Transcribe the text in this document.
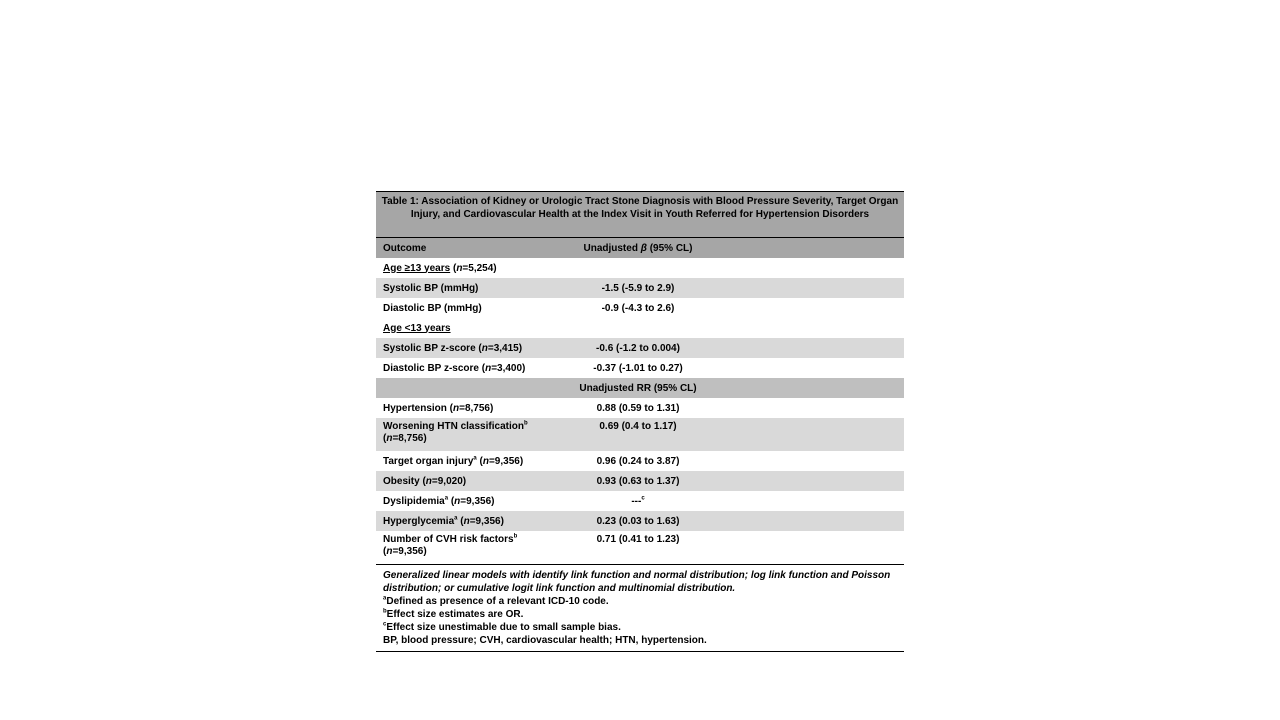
Table 1: Association of Kidney or Urologic Tract Stone Diagnosis with Blood Pressure Severity, Target Organ Injury, and Cardiovascular Health at the Index Visit in Youth Referred for Hypertension Disorders
Outcome	Unadjusted β (95% CL)
Age ≥13 years (n=5,254)
Systolic BP (mmHg)	-1.5 (-5.9 to 2.9)
Diastolic BP (mmHg)	-0.9 (-4.3 to 2.6)
Age <13 years
Systolic BP z-score (n=3,415)	-0.6 (-1.2 to 0.004)
Diastolic BP z-score (n=3,400)	-0.37 (-1.01 to 0.27)
Unadjusted RR (95% CL)
Hypertension (n=8,756)	0.88 (0.59 to 1.31)
Worsening HTN classification$^b$
(n=8,756)
0.69 (0.4 to 1.17)
Target organ injury$^a$ (n=9,356)	0.96 (0.24 to 3.87)
Obesity (n=9,020)	0.93 (0.63 to 1.37)
Dyslipidemia$^a$ (n=9,356)	---$^c$
Hyperglycemia$^a$ (n=9,356)	0.23 (0.03 to 1.63)
Number of CVH risk factors$^b$
(n=9,356)
0.71 (0.41 to 1.23)
Generalized linear models with identify link function and normal distribution; log link function and Poisson distribution; or cumulative logit link function and multinomial distribution.
$^a$Defined as presence of a relevant ICD-10 code.
$^b$Effect size estimates are OR.
$^c$Effect size unestimable due to small sample bias.
BP, blood pressure; CVH, cardiovascular health; HTN, hypertension.
